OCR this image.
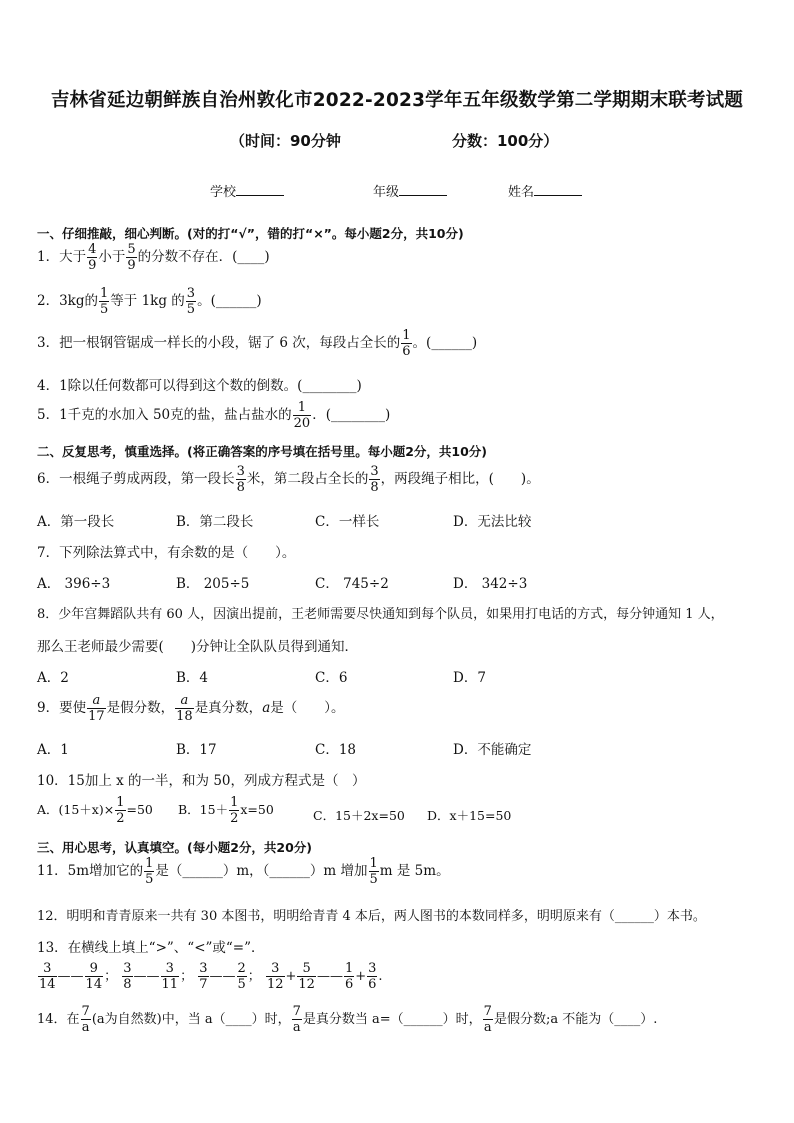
吉林省延边朝鲜族自治州敦化市2022-2023学年五年级数学第二学期期末联考试题
（时间：90分钟	分数：100分）
学校	年级	姓名
一、仔细推敲，细心判断。(对的打“√”，错的打“×”。每小题2分，共10分)
1．大于 $\frac{4}{9}$ 小于 $\frac{5}{9}$ 的分数不存在．(____)
2．3kg的 $\frac{1}{5}$ 等于 1kg 的 $\frac{3}{5}$ 。(______)
3．把一根钢管锯成一样长的小段，锯了 6 次，每段占全长的 $\frac{1}{6}$ 。(______)
4．1除以任何数都可以得到这个数的倒数。(________)
5．1千克的水加入 50克的盐，盐占盐水的 $\frac{1}{20}$ ．(________)
二、反复思考，慎重选择。(将正确答案的序号填在括号里。每小题2分，共10分)
6．一根绳子剪成两段，第一段长 $\frac{3}{8}$ 米，第二段占全长的 $\frac{3}{8}$ ，两段绳子相比，(　　)。
A．第一段长	B．第二段长	C．一样长	D．无法比较
7．下列除法算式中，有余数的是（　　）。
A． 396÷3	B． 205÷5	C． 745÷2	D． 342÷3
8．少年宫舞蹈队共有 60 人，因演出提前，王老师需要尽快通知到每个队员，如果用打电话的方式，每分钟通知 1 人，
那么王老师最少需要(　　)分钟让全队队员得到通知．
A．2	B．4	C．6	D．7
9．要使 $\frac{a}{17}$ 是假分数， $\frac{a}{18}$ 是真分数，a是（　　）。
A．1	B．17	C．18	D．不能确定
10．15加上 x 的一半，和为 50，列成方程式是（　）
A．$(15+x)\times \frac{1}{2} =50$ B．$15+ \frac{1}{2} x=50$	C．15＋2x=50 D．x＋15=50
三、用心思考，认真填空。(每小题2分，共20分)
11．5m增加它的 $\frac{1}{5}$ 是（______）m，（______）m 增加 $\frac{1}{5}$ m 是 5m。
12．明明和青青原来一共有 30 本图书，明明给青青 4 本后，两人图书的本数同样多，明明原来有（______）本书。
13．在横线上填上“>”、“<”或“=”．
$\frac{3}{14}$ —— $\frac{9}{14}$ ； $\frac{3}{8}$ —— $\frac{3}{11}$ ； $\frac{3}{7}$ —— $\frac{2}{5}$ ； $\frac{3}{12} + \frac{5}{12}$ —— $\frac{1}{6} + \frac{3}{6}$ .
14．在 $\frac{7}{a} (a$为自然数)中，当 a（____）时， $\frac{7}{a}$ 是真分数当 a=（______）时， $\frac{7}{a}$ 是假分数;a 不能为（____）.
